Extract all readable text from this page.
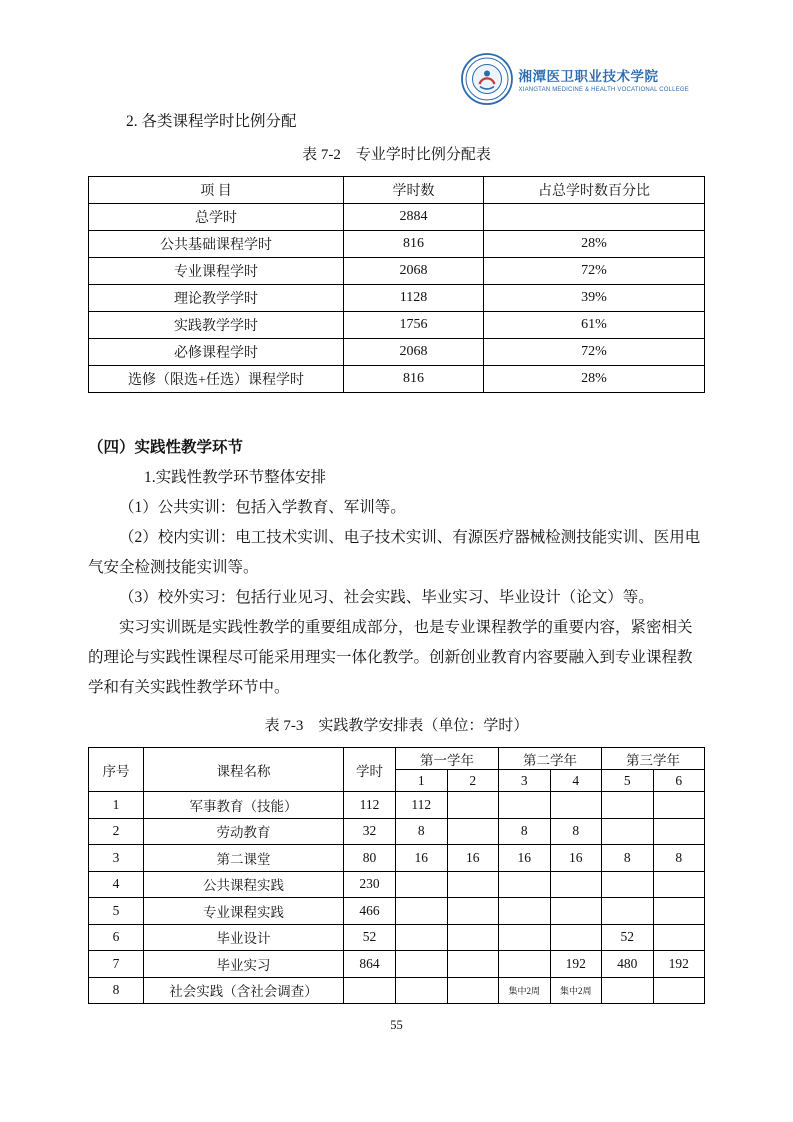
湘潭医卫职业技术学院
XIANGTAN MEDICINE & HEALTH VOCATIONAL COLLEGE
2. 各类课程学时比例分配
表 7-2　专业学时比例分配表
项 目	学时数	占总学时数百分比
总学时	2884	
公共基础课程学时	816	28%
专业课程学时	2068	72%
理论教学学时	1128	39%
实践教学学时	1756	61%
必修课程学时	2068	72%
选修（限选+任选）课程学时	816	28%
（四）实践性教学环节
1.实践性教学环节整体安排

（1）公共实训：包括入学教育、军训等。

（2）校内实训：电工技术实训、电子技术实训、有源医疗器械检测技能实训、医用电气安全检测技能实训等。

（3）校外实习：包括行业见习、社会实践、毕业实习、毕业设计（论文）等。

实习实训既是实践性教学的重要组成部分，也是专业课程教学的重要内容，紧密相关的理论与实践性课程尽可能采用理实一体化教学。创新创业教育内容要融入到专业课程教学和有关实践性教学环节中。

表 7-3　实践教学安排表（单位：学时）
序号	课程名称	学时	第一学年		第二学年		第三学年	
			1	2	3	4	5	6
1	军事教育（技能）	112	112					
2	劳动教育	32	8		8	8		
3	第二课堂	80	16	16	16	16	8	8
4	公共课程实践	230						
5	专业课程实践	466						
6	毕业设计	52					52	
7	毕业实习	864				192	480	192
8	社会实践（含社会调查）				集中2周	集中2周		
55
